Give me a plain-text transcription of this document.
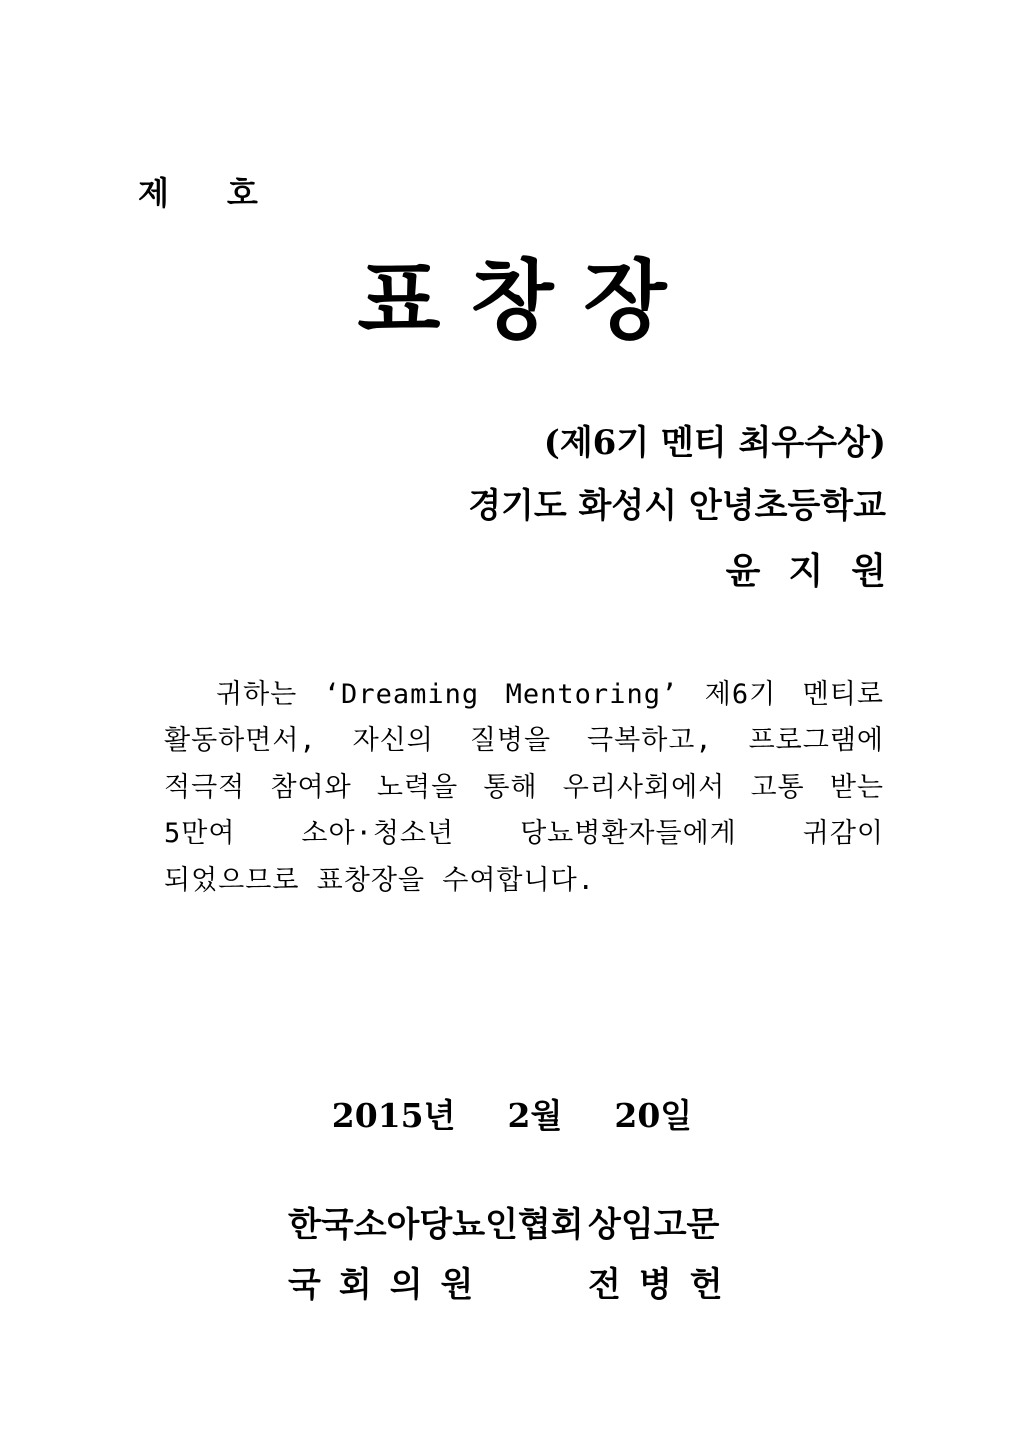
제 호
표창장
(제6기 멘티 최우수상)
경기도 화성시 안녕초등학교
윤지원
귀하는 ‘Dreaming Mentoring’ 제6기 멘티로 활동하면서, 자신의 질병을 극복하고, 프로그램에 적극적 참여와 노력을 통해 우리사회에서 고통 받는 5만여 소아·청소년 당뇨병환자들에게 귀감이 되었으므로 표창장을 수여합니다.
2015년 2월 20일
한국소아당뇨인협회 상임고문
국회의원	전병헌
